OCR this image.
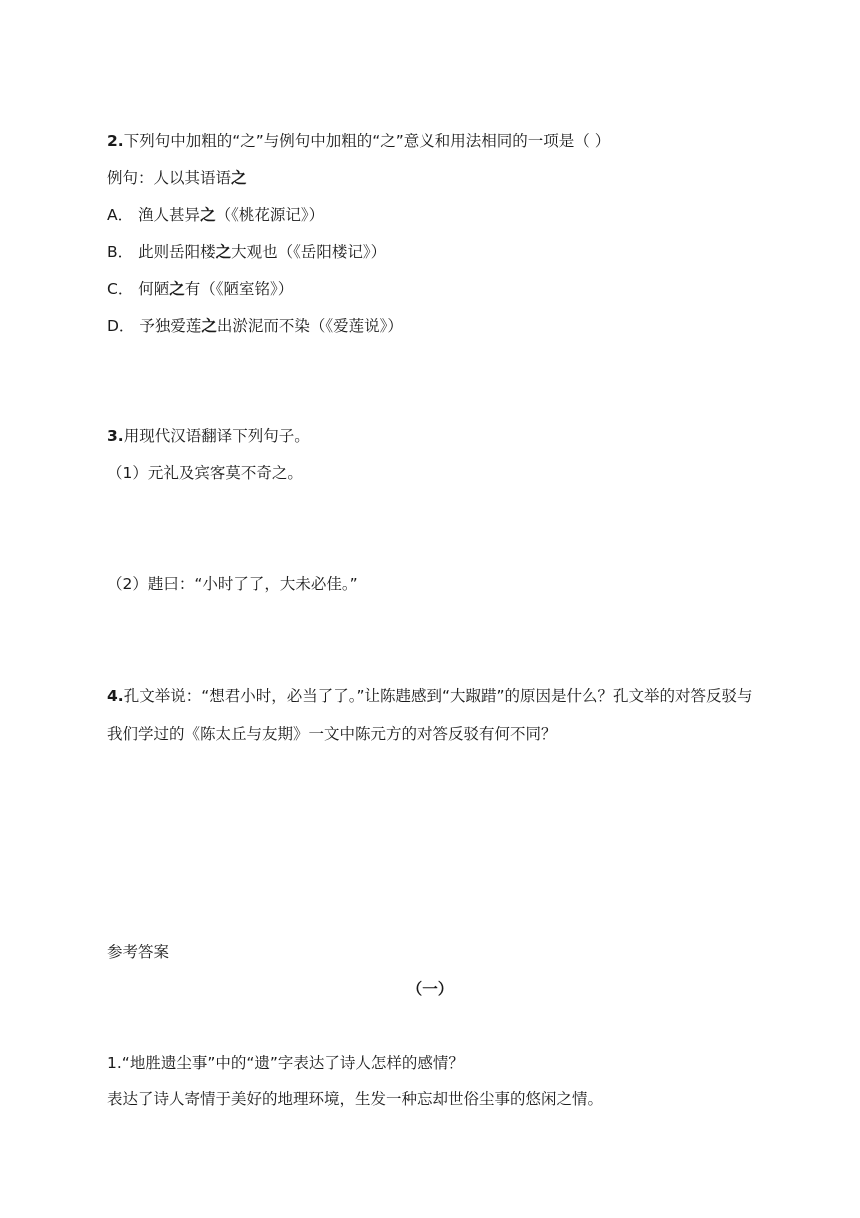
2.下列句中加粗的“之”与例句中加粗的“之”意义和用法相同的一项是（ ）
例句：人以其语语之
A． 渔人甚异之（《桃花源记》）
B． 此则岳阳楼之大观也（《岳阳楼记》）
C． 何陋之有（《陋室铭》）
D． 予独爱莲之出淤泥而不染（《爱莲说》）
3.用现代汉语翻译下列句子。
（1）元礼及宾客莫不奇之。
（2）韪曰：“小时了了，大未必佳。”
4.孔文举说：“想君小时，必当了了。”让陈韪感到“大踧踖”的原因是什么？孔文举的对答反驳与我们学过的《陈太丘与友期》一文中陈元方的对答反驳有何不同？
参考答案
（一）
1.“地胜遗尘事”中的“遗”字表达了诗人怎样的感情？
表达了诗人寄情于美好的地理环境，生发一种忘却世俗尘事的悠闲之情。
